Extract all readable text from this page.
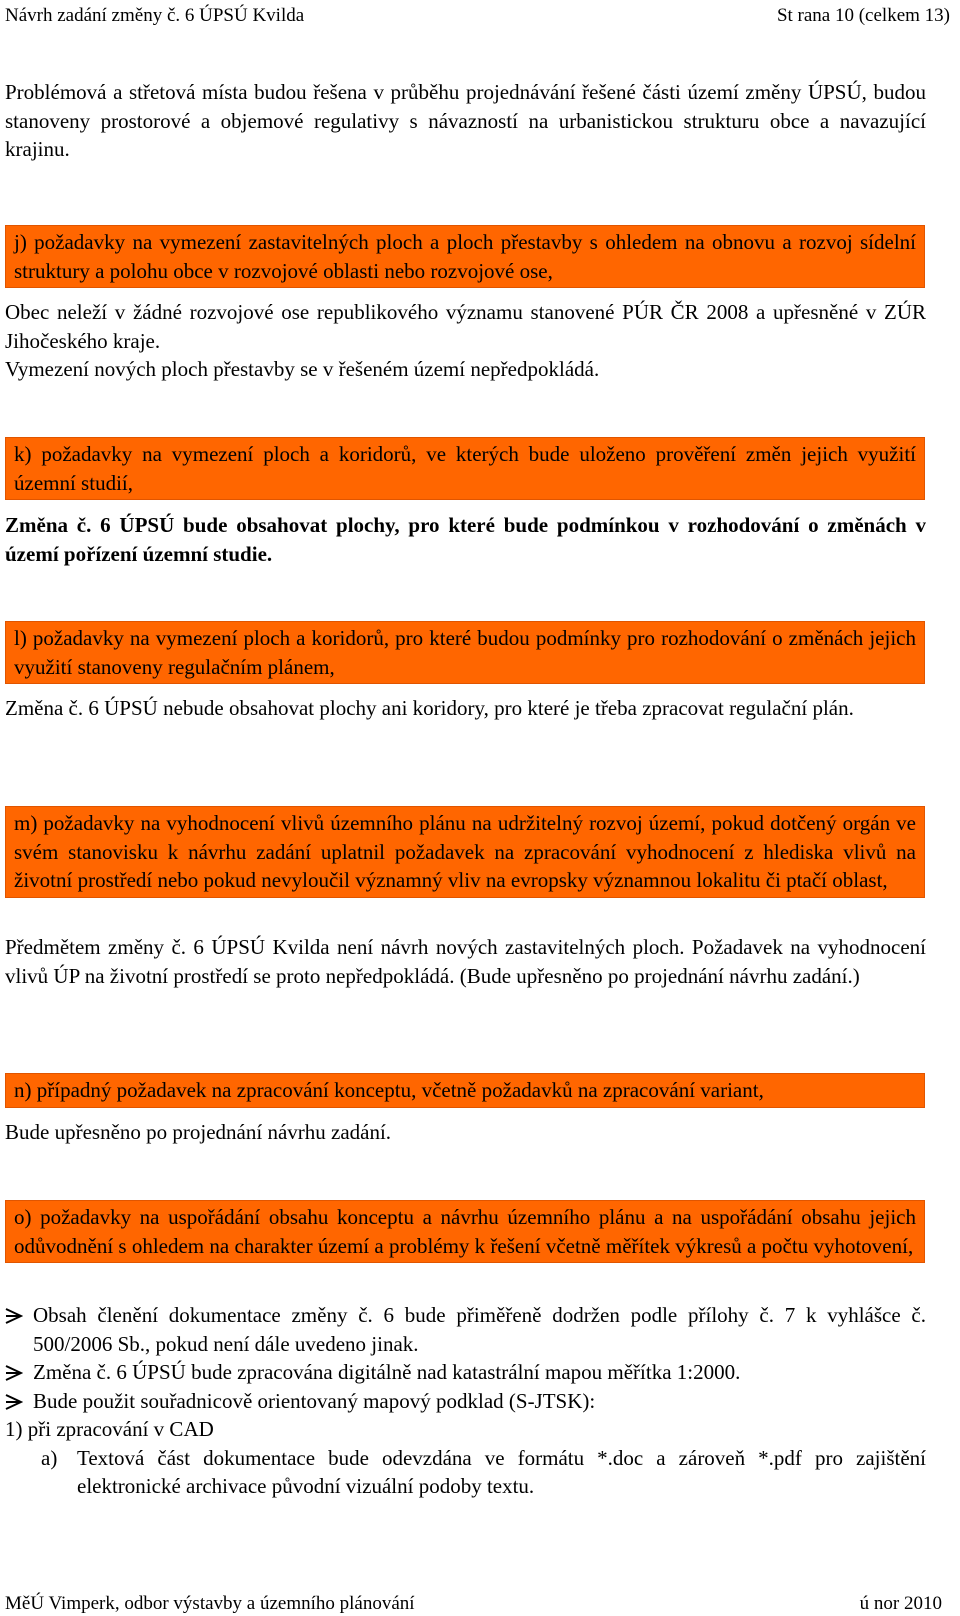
Návrh zadání změny č. 6 ÚPSÚ Kvilda	St rana 10 (celkem 13)
Problémová a střetová místa budou řešena v průběhu projednávání řešené části území změny ÚPSÚ, budou stanoveny prostorové a objemové regulativy s návazností na urbanistickou strukturu obce a navazující krajinu.
j) požadavky na vymezení zastavitelných ploch a ploch přestavby s ohledem na obnovu a rozvoj sídelní struktury a polohu obce v rozvojové oblasti nebo rozvojové ose,
Obec neleží v žádné rozvojové ose republikového významu stanovené PÚR ČR 2008 a upřesněné v ZÚR Jihočeského kraje.
Vymezení nových ploch přestavby se v řešeném území nepředpokládá.
k) požadavky na vymezení ploch a koridorů, ve kterých bude uloženo prověření změn jejich využití územní studií,
Změna č. 6 ÚPSÚ bude obsahovat plochy, pro které bude podmínkou v rozhodování o změnách v území pořízení územní studie.
l) požadavky na vymezení ploch a koridorů, pro které budou podmínky pro rozhodování o změnách jejich využití stanoveny regulačním plánem,
Změna č. 6 ÚPSÚ nebude obsahovat plochy ani koridory, pro které je třeba zpracovat regulační plán.
m) požadavky na vyhodnocení vlivů územního plánu na udržitelný rozvoj území, pokud dotčený orgán ve svém stanovisku k návrhu zadání uplatnil požadavek na zpracování vyhodnocení z hlediska vlivů na životní prostředí nebo pokud nevyloučil významný vliv na evropsky významnou lokalitu či ptačí oblast,
Předmětem změny č. 6 ÚPSÚ Kvilda není návrh nových zastavitelných ploch. Požadavek na vyhodnocení vlivů ÚP na životní prostředí se proto nepředpokládá. (Bude upřesněno po projednání návrhu zadání.)
n) případný požadavek na zpracování konceptu, včetně požadavků na zpracování variant,
Bude upřesněno po projednání návrhu zadání.
o) požadavky na uspořádání obsahu konceptu a návrhu územního plánu a na uspořádání obsahu jejich odůvodnění s ohledem na charakter území a problémy k řešení včetně měřítek výkresů a počtu vyhotovení,
Obsah členění dokumentace změny č. 6 bude přiměřeně dodržen podle přílohy č. 7 k vyhlášce č. 500/2006 Sb., pokud není dále uvedeno jinak.
Změna č. 6 ÚPSÚ bude zpracována digitálně nad katastrální mapou měřítka 1:2000.
Bude použit souřadnicově orientovaný mapový podklad (S-JTSK):
1) při zpracování v CAD
a) Textová část dokumentace bude odevzdána ve formátu *.doc a zároveň *.pdf pro zajištění elektronické archivace původní vizuální podoby textu.
MěÚ Vimperk, odbor výstavby a územního plánování	ú nor 2010
